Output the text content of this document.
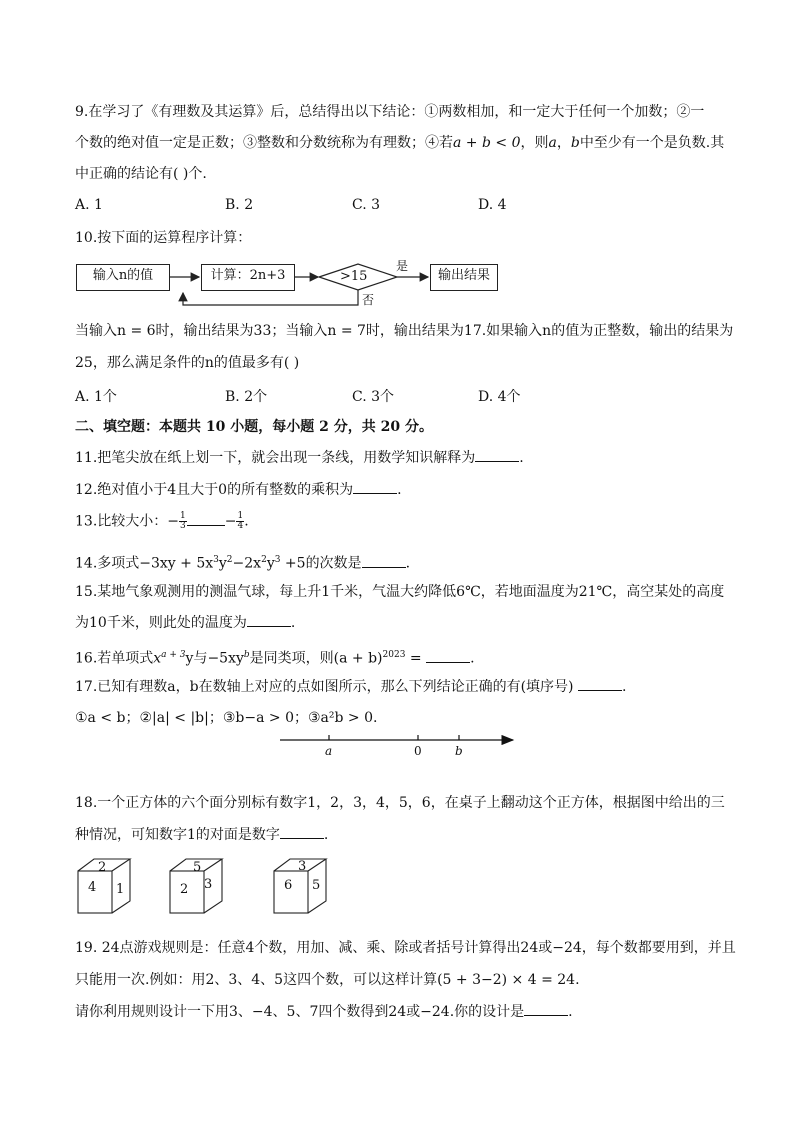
9.在学习了《有理数及其运算》后，总结得出以下结论：①两数相加，和一定大于任何一个加数；②一
个数的绝对值一定是正数；③整数和分数统称为有理数；④若a + b < 0，则a，b中至少有一个是负数.其
中正确的结论有( )个.
A. 1	B. 2	C. 3	D. 4
10.按下面的运算程序计算：
输入n的值	计算：2n+3	输出结果
>15
是
否
当输入n = 6时，输出结果为33；当输入n = 7时，输出结果为17.如果输入n的值为正整数，输出的结果为
25，那么满足条件的n的值最多有( )
A. 1个	B. 2个	C. 3个	D. 4个
二、填空题：本题共 10 小题，每小题 2 分，共 20 分。
11.把笔尖放在纸上划一下，就会出现一条线，用数学知识解释为	.
12.绝对值小于4且大于0的所有整数的乘积为	.
13.比较大小：− $\frac{1}{3}$	− $\frac{1}{4}$ .
14.多项式$-3xy + 5x^3y^2-2x^2y^3 +5$的次数是	.
15.某地气象观测用的测温气球，每上升1千米，气温大约降低6℃，若地面温度为21℃，高空某处的高度
为10千米，则此处的温度为	.
16.若单项式$x^{a + 3}y$与$-5xy^b$是同类项，则$(a + b)^{2023}$ =	.
17.已知有理数a，b在数轴上对应的点如图所示，那么下列结论正确的有(填序号)	.
①a < b；②|a| < |b|；③b−a > 0；③a²b > 0.
a	0	b
18.一个正方体的六个面分别标有数字1，2，3，4，5，6，在桌子上翻动这个正方体，根据图中给出的三
种情况，可知数字1的对面是数字	.
2
4 1
5
2 3
3
6 5
19. 24点游戏规则是：任意4个数，用加、减、乘、除或者括号计算得出24或−24，每个数都要用到，并且
只能用一次.例如：用2、3、4、5这四个数，可以这样计算(5 + 3−2) × 4 = 24.
请你利用规则设计一下用3、−4、5、7四个数得到24或−24.你的设计是	.
